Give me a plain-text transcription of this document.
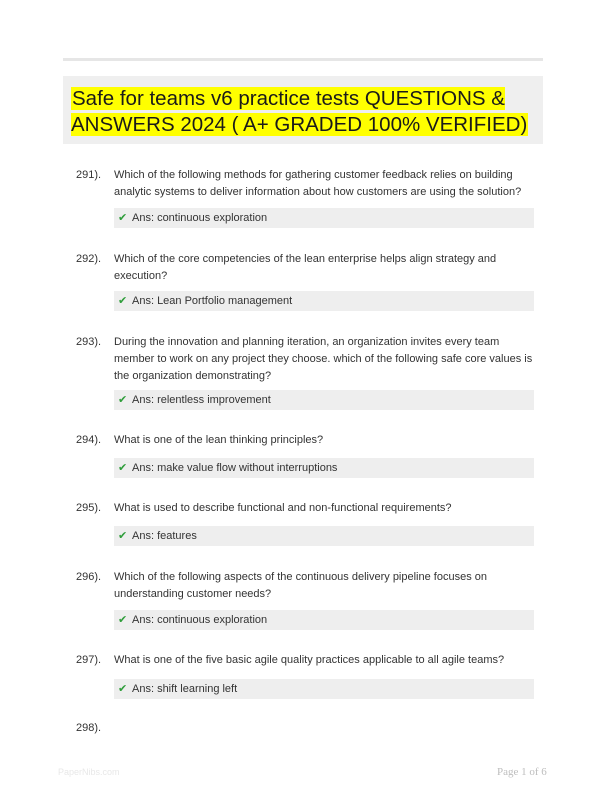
Safe for teams v6 practice tests QUESTIONS & ANSWERS 2024 ( A+ GRADED 100% VERIFIED)
291). Which of the following methods for gathering customer feedback relies on building analytic systems to deliver information about how customers are using the solution?
✔ Ans: continuous exploration
292). Which of the core competencies of the lean enterprise helps align strategy and execution?
✔ Ans: Lean Portfolio management
293). During the innovation and planning iteration, an organization invites every team member to work on any project they choose. which of the following safe core values is the organization demonstrating?
✔ Ans: relentless improvement
294). What is one of the lean thinking principles?
✔ Ans: make value flow without interruptions
295). What is used to describe functional and non-functional requirements?
✔ Ans: features
296). Which of the following aspects of the continuous delivery pipeline focuses on understanding customer needs?
✔ Ans: continuous exploration
297). What is one of the five basic agile quality practices applicable to all agile teams?
✔ Ans: shift learning left
298).
PaperNibs.com	Page 1 of 6
